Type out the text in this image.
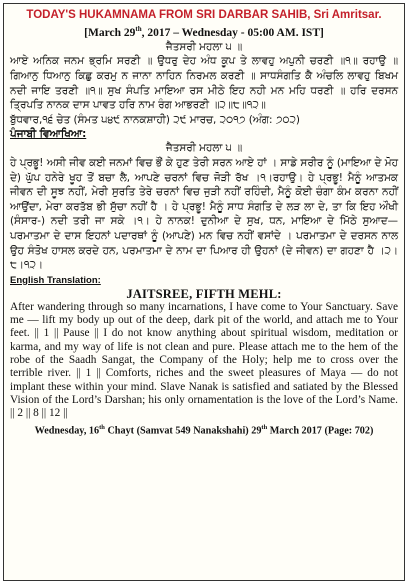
TODAY'S HUKAMNAMA FROM SRI DARBAR SAHIB, Sri Amritsar.
[March 29th, 2017 – Wednesday - 05:00 AM. IST]
ਜੈਤਸਰੀ ਮਹਲਾ ੫ ॥
ਆਏ ਅਨਿਕ ਜਨਮ ਭ੍ਰਮਿ ਸਰਣੀ ॥ ਉਧਰੁ ਦੇਹ ਅੰਧ ਕੂਪ ਤੇ ਲਾਵਹੁ ਅਪੁਨੀ ਚਰਣੀ ॥੧॥ ਰਹਾਉ ॥ ਗਿਆਨੁ ਧਿਆਨੁ ਕਿਛੁ ਕਰਮੁ ਨ ਜਾਨਾ ਨਾਹਿਨ ਨਿਰਮਲ ਕਰਣੀ ॥ ਸਾਧਸੰਗਤਿ ਕੈ ਅੰਚਲਿ ਲਾਵਹੁ ਬਿਖਮ ਨਦੀ ਜਾਇ ਤਰਣੀ ॥੧॥ ਸੁਖ ਸੰਪਤਿ ਮਾਇਆ ਰਸ ਮੀਠੇ ਇਹ ਨਹੀ ਮਨ ਮਹਿ ਧਰਣੀ ॥ ਹਰਿ ਦਰਸਨ ਤ੍ਰਿਪਤਿ ਨਾਨਕ ਦਾਸ ਪਾਵਤ ਹਰਿ ਨਾਮ ਰੰਗ ਆਭਰਣੀ ॥੨॥੮॥੧੨॥
ਬੁੱਧਵਾਰ,੧੬ ਚੇਤ (ਸੰਮਤ ੫੪੯ ਨਾਨਕਸ਼ਾਹੀ) ੨੯ ਮਾਰਚ, ੨੦੧੭ (ਅੰਗ: ੭੦੨)
ਪੰਜਾਬੀ ਵਿਆਖਿਆ:
ਜੈਤਸਰੀ ਮਹਲਾ ੫ ॥
ਹੇ ਪ੍ਰਭੂ! ਅਸੀ ਜੀਵ ਕਈ ਜਨਮਾਂ ਵਿਚ ਭੌਂ ਕੇ ਹੁਣ ਤੇਰੀ ਸਰਨ ਆਏ ਹਾਂ । ਸਾਡੇ ਸਰੀਰ ਨੂੰ (ਮਾਇਆ ਦੇ ਮੋਹ ਦੇ) ਘੁੱਪ ਹਨੇਰੇ ਖੂਹ ਤੋਂ ਬਚਾ ਲੈ, ਆਪਣੇ ਚਰਨਾਂ ਵਿਚ ਜੋੜੀ ਰੱਖ ।੧।ਰਹਾਉ। ਹੇ ਪ੍ਰਭੂ! ਮੈਨੂੰ ਆਤਮਕ ਜੀਵਨ ਦੀ ਸੂਝ ਨਹੀਂ, ਮੇਰੀ ਸੁਰਤਿ ਤੇਰੇ ਚਰਨਾਂ ਵਿਚ ਜੁੜੀ ਨਹੀਂ ਰਹਿੰਦੀ, ਮੈਨੂੰ ਕੋਈ ਚੰਗਾ ਕੰਮ ਕਰਨਾ ਨਹੀਂ ਆਉਂਦਾ, ਮੇਰਾ ਕਰਤੱਬ ਭੀ ਸੁੱਚਾ ਨਹੀਂ ਹੈ । ਹੇ ਪ੍ਰਭੂ! ਮੈਨੂੰ ਸਾਧ ਸੰਗਤਿ ਦੇ ਲੜ ਲਾ ਦੇ, ਤਾ ਕਿ ਇਹ ਔਖੀ (ਸੰਸਾਰ-) ਨਦੀ ਤਰੀ ਜਾ ਸਕੇ ।੧। ਹੇ ਨਾਨਕ! ਦੁਨੀਆ ਦੇ ਸੁਖ, ਧਨ, ਮਾਇਆ ਦੇ ਮਿੱਠੇ ਸੁਆਦ—ਪਰਮਾਤਮਾ ਦੇ ਦਾਸ ਇਹਨਾਂ ਪਦਾਰਥਾਂ ਨੂੰ (ਆਪਣੇ) ਮਨ ਵਿਚ ਨਹੀਂ ਵਸਾਂਦੇ । ਪਰਮਾਤਮਾ ਦੇ ਦਰਸਨ ਨਾਲ ਉਹ ਸੰਤੋਖ ਹਾਸਲ ਕਰਦੇ ਹਨ, ਪਰਮਾਤਮਾ ਦੇ ਨਾਮ ਦਾ ਪਿਆਰ ਹੀ ਉਹਨਾਂ (ਦੇ ਜੀਵਨ) ਦਾ ਗਹਣਾ ਹੈ ।੨।੮।੧੨।
English Translation:
JAITSREE, FIFTH MEHL:
After wandering through so many incarnations, I have come to Your Sanctuary. Save me — lift my body up out of the deep, dark pit of the world, and attach me to Your feet. || 1 || Pause || I do not know anything about spiritual wisdom, meditation or karma, and my way of life is not clean and pure. Please attach me to the hem of the robe of the Saadh Sangat, the Company of the Holy; help me to cross over the terrible river. || 1 || Comforts, riches and the sweet pleasures of Maya — do not implant these within your mind. Slave Nanak is satisfied and satiated by the Blessed Vision of the Lord’s Darshan; his only ornamentation is the love of the Lord’s Name. || 2 || 8 || 12 ||
Wednesday, 16th Chayt (Samvat 549 Nanakshahi) 29th March 2017 (Page: 702)
